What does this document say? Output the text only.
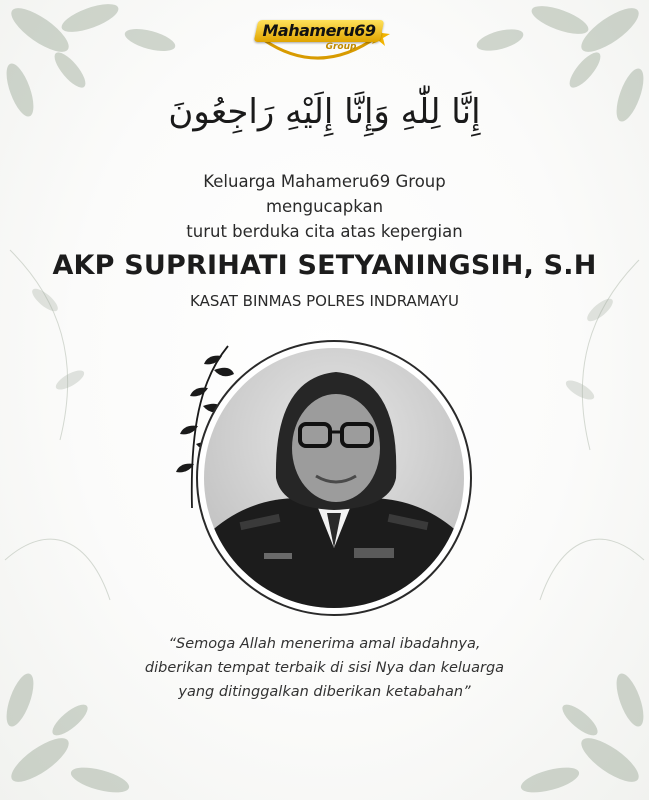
Mahameru69
Group
إِنَّا لِلّٰهِ وَإِنَّا إِلَيْهِ رَاجِعُونَ
Keluarga Mahameru69 Group
mengucapkan
turut berduka cita atas kepergian
AKP SUPRIHATI SETYANINGSIH, S.H
KASAT BINMAS POLRES INDRAMAYU
“Semoga Allah menerima amal ibadahnya,
diberikan tempat terbaik di sisi Nya dan keluarga
yang ditinggalkan diberikan ketabahan”
